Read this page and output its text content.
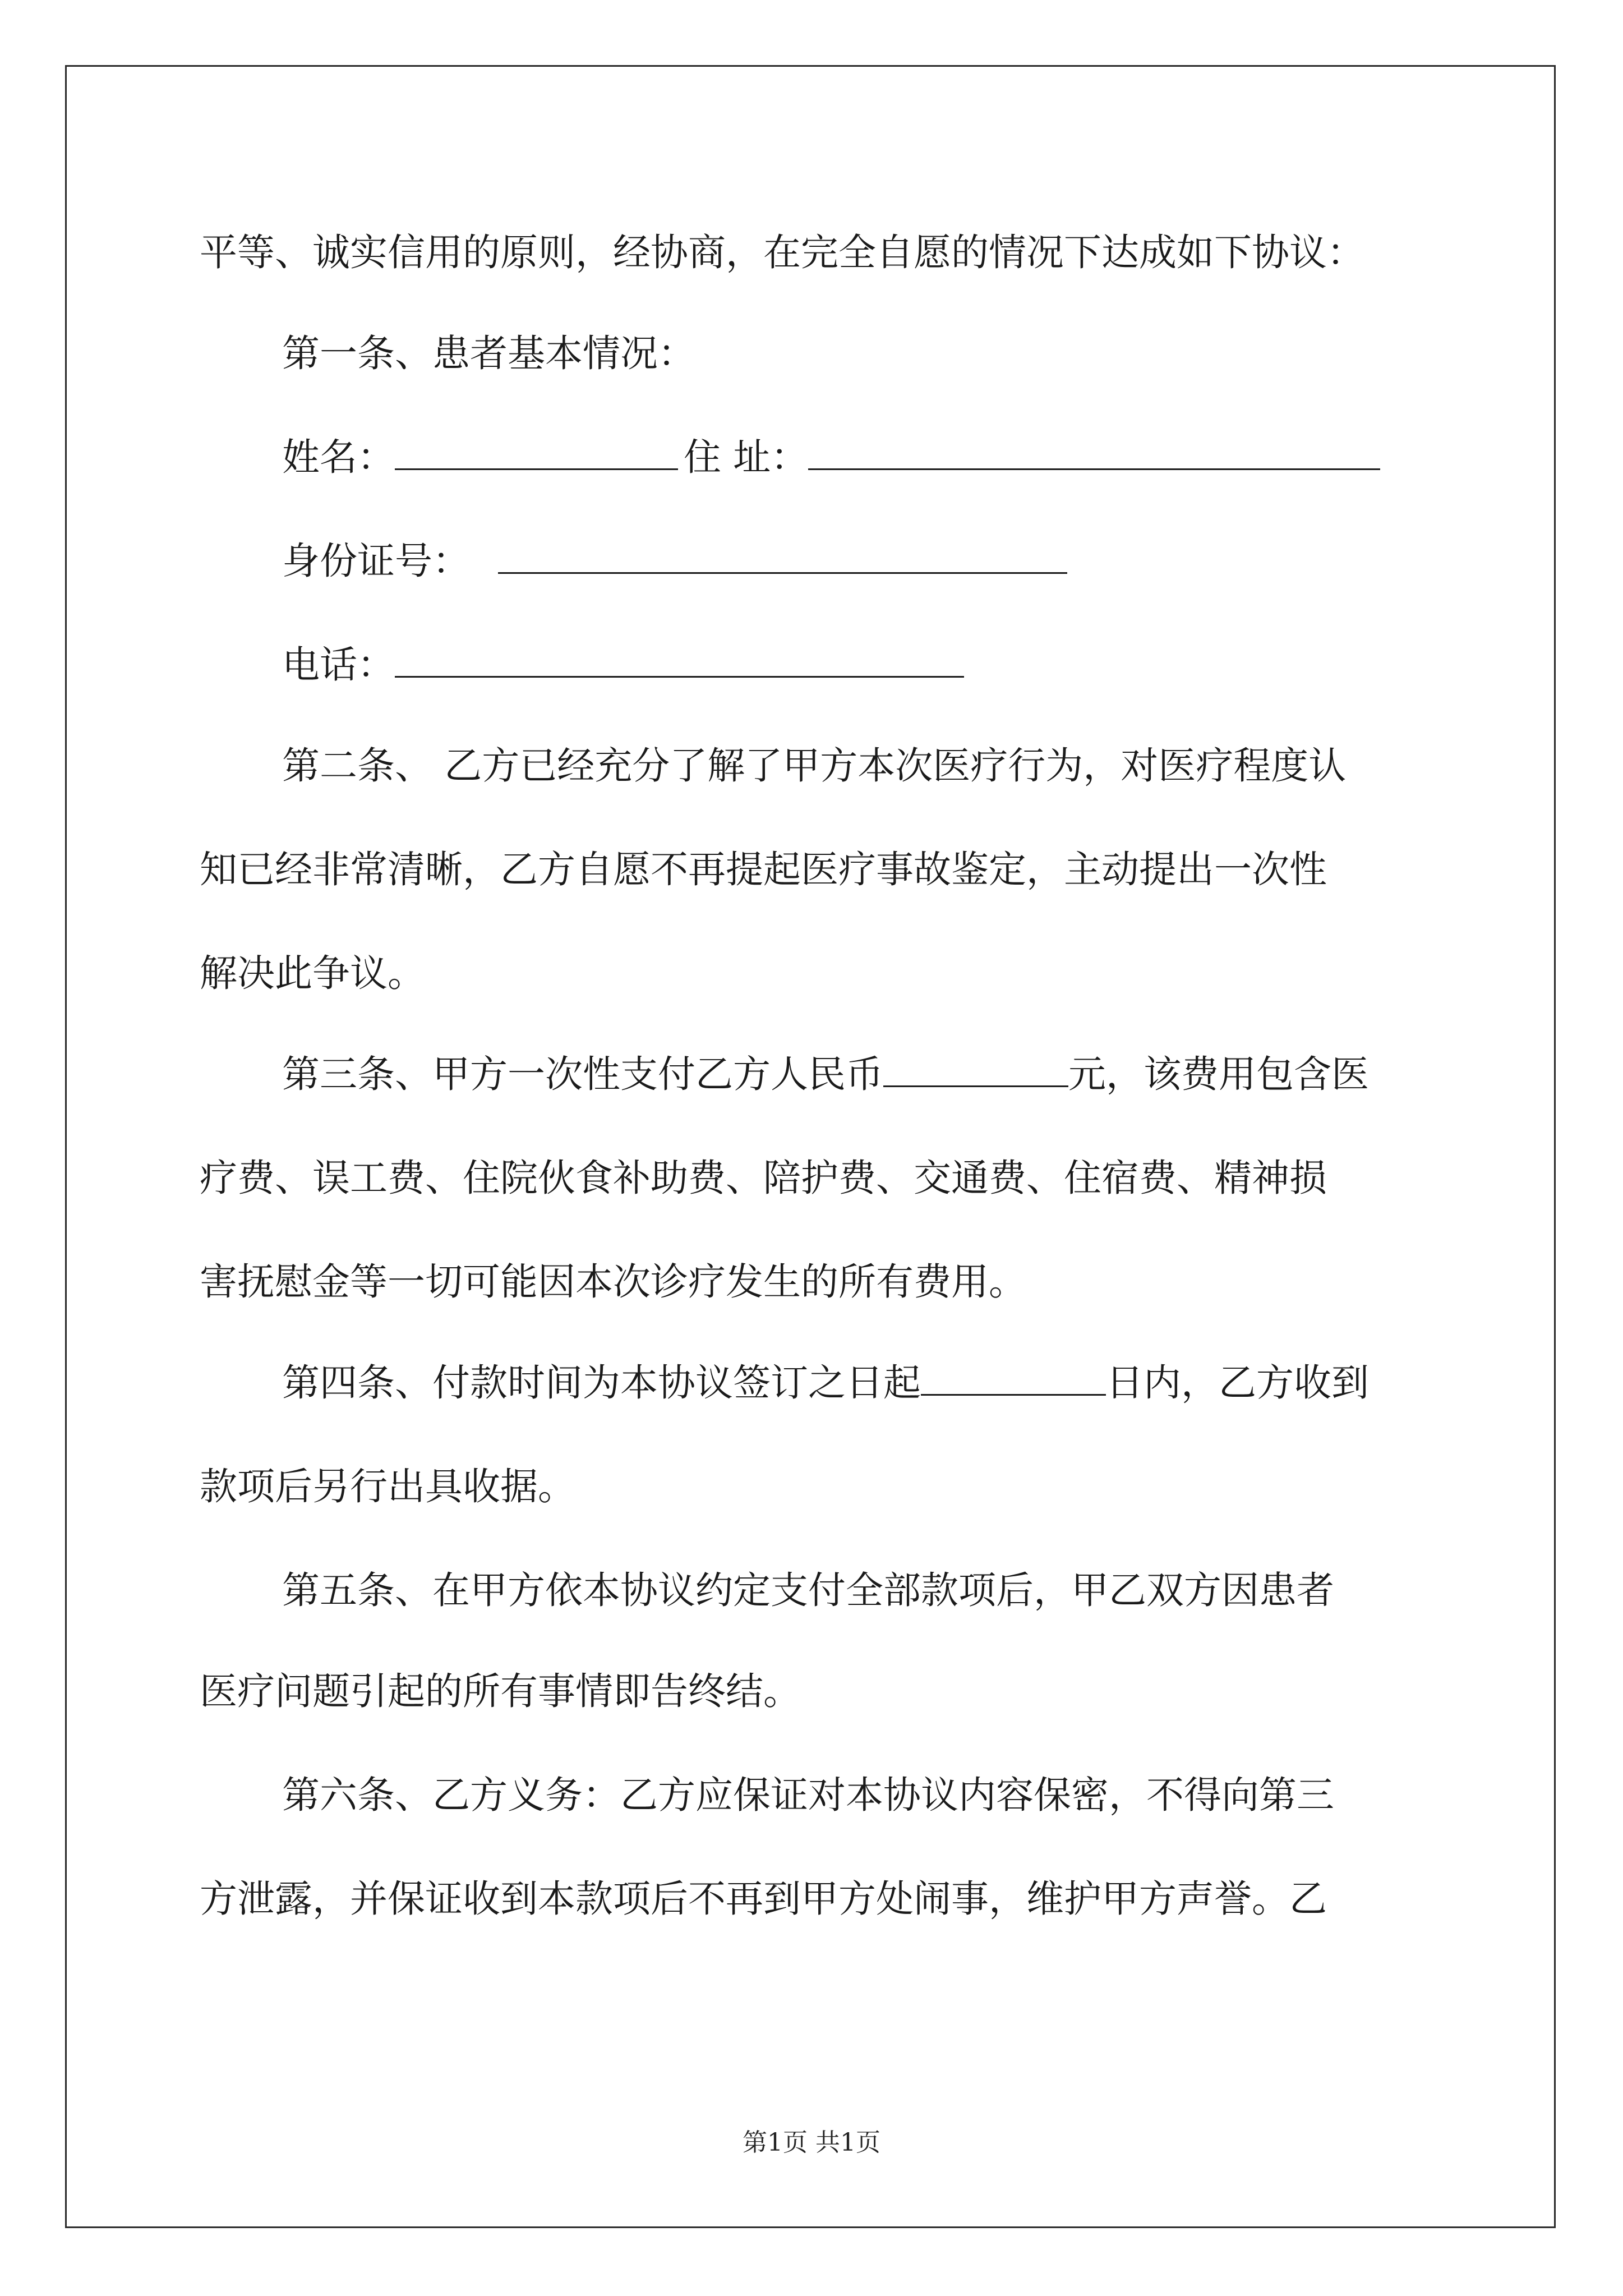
平等、诚实信用的原则，经协商，在完全自愿的情况下达成如下协议：
第一条、患者基本情况：
姓名：	住 址：
身份证号：
电话：
第二条、 乙方已经充分了解了甲方本次医疗行为，对医疗程度认
知已经非常清晰，乙方自愿不再提起医疗事故鉴定，主动提出一次性
解决此争议。
第三条、甲方一次性支付乙方人民币	元，该费用包含医
疗费、误工费、住院伙食补助费、陪护费、交通费、住宿费、精神损
害抚慰金等一切可能因本次诊疗发生的所有费用。
第四条、付款时间为本协议签订之日起	日内，乙方收到
款项后另行出具收据。
第五条、在甲方依本协议约定支付全部款项后，甲乙双方因患者
医疗问题引起的所有事情即告终结。
第六条、乙方义务：乙方应保证对本协议内容保密，不得向第三
方泄露，并保证收到本款项后不再到甲方处闹事，维护甲方声誉。乙
第1页 共1页
